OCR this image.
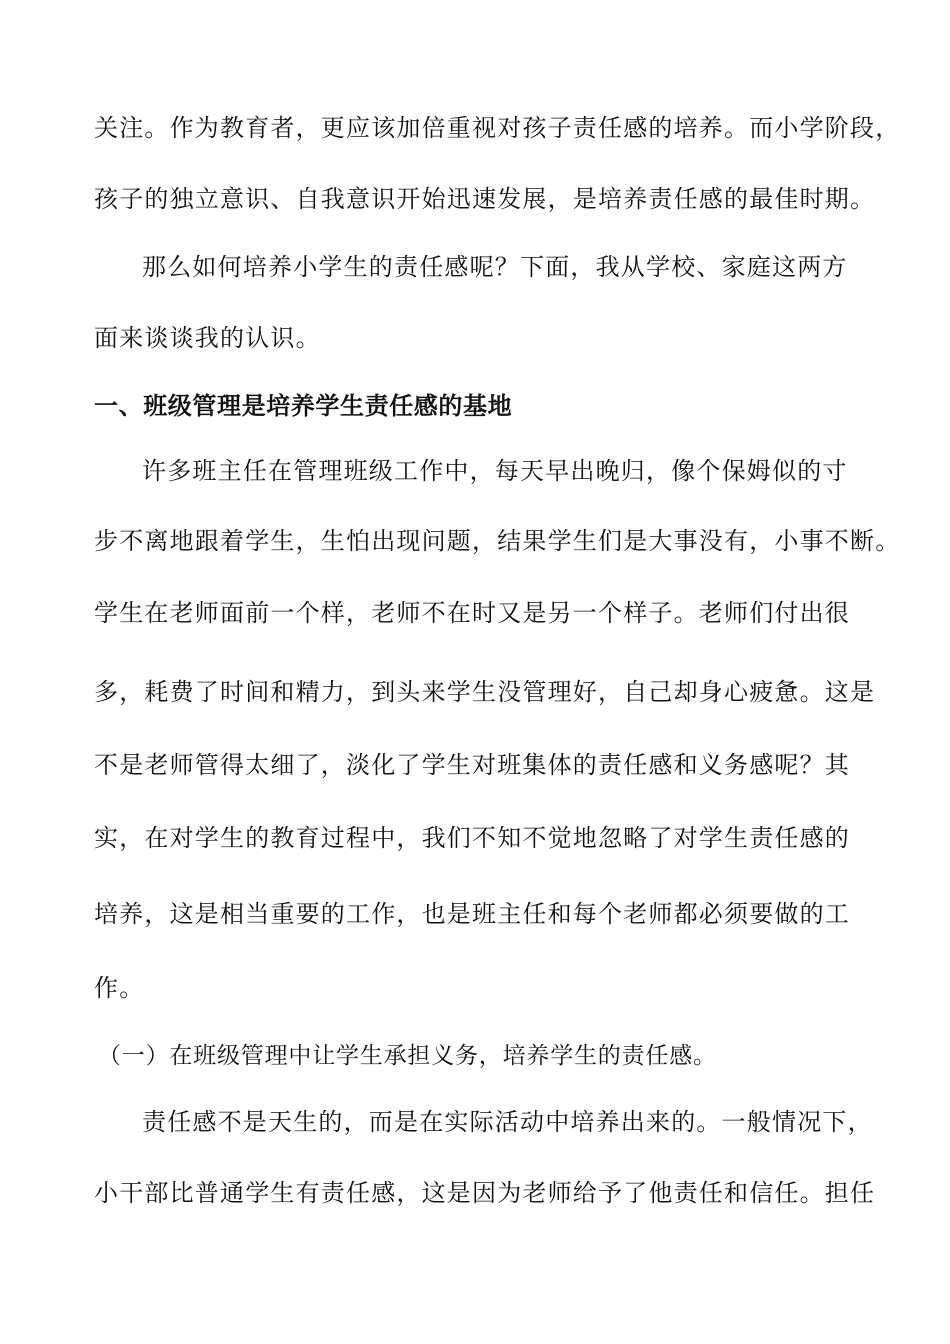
关注。作为教育者，更应该加倍重视对孩子责任感的培养。而小学阶段，
孩子的独立意识、自我意识开始迅速发展，是培养责任感的最佳时期。
那么如何培养小学生的责任感呢？下面，我从学校、家庭这两方
面来谈谈我的认识。
一、班级管理是培养学生责任感的基地
许多班主任在管理班级工作中，每天早出晚归，像个保姆似的寸
步不离地跟着学生，生怕出现问题，结果学生们是大事没有，小事不断。
学生在老师面前一个样，老师不在时又是另一个样子。老师们付出很
多，耗费了时间和精力，到头来学生没管理好，自己却身心疲惫。这是
不是老师管得太细了，淡化了学生对班集体的责任感和义务感呢？其
实，在对学生的教育过程中，我们不知不觉地忽略了对学生责任感的
培养，这是相当重要的工作，也是班主任和每个老师都必须要做的工
作。
（一）在班级管理中让学生承担义务，培养学生的责任感。
责任感不是天生的，而是在实际活动中培养出来的。一般情况下，
小干部比普通学生有责任感，这是因为老师给予了他责任和信任。担任
